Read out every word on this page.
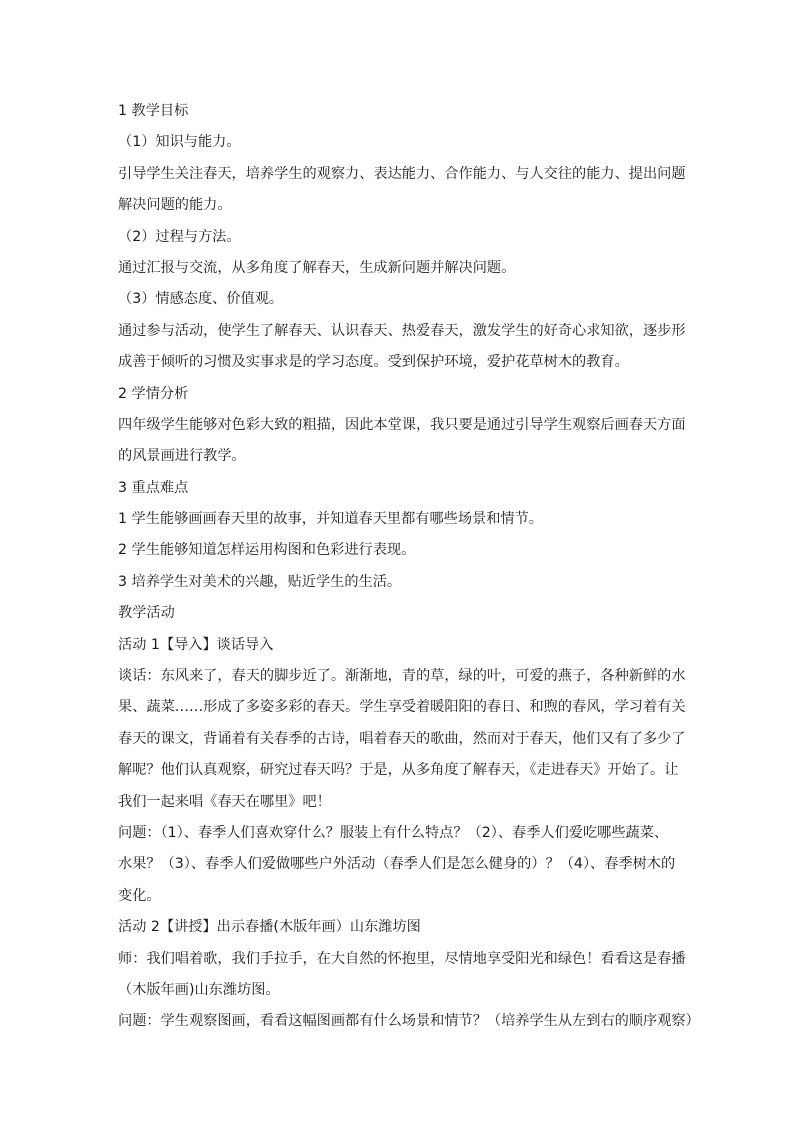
1 教学目标
（1）知识与能力。
引导学生关注春天，培养学生的观察力、表达能力、合作能力、与人交往的能力、提出问题
解决问题的能力。
（2）过程与方法。
通过汇报与交流，从多角度了解春天，生成新问题并解决问题。
（3）情感态度、价值观。
通过参与活动，使学生了解春天、认识春天、热爱春天，激发学生的好奇心求知欲，逐步形
成善于倾听的习惯及实事求是的学习态度。受到保护环境，爱护花草树木的教育。
2 学情分析
四年级学生能够对色彩大致的粗描，因此本堂课，我只要是通过引导学生观察后画春天方面
的风景画进行教学。
3 重点难点
1 学生能够画画春天里的故事，并知道春天里都有哪些场景和情节。
2 学生能够知道怎样运用构图和色彩进行表现。
3 培养学生对美术的兴趣，贴近学生的生活。
教学活动
活动 1【导入】谈话导入
谈话：东风来了，春天的脚步近了。渐渐地，青的草，绿的叶，可爱的燕子，各种新鲜的水
果、蔬菜……形成了多姿多彩的春天。学生享受着暖阳阳的春日、和煦的春风，学习着有关
春天的课文，背诵着有关春季的古诗，唱着春天的歌曲，然而对于春天，他们又有了多少了
解呢？他们认真观察，研究过春天吗？于是，从多角度了解春天，《走进春天》开始了。让
我们一起来唱《春天在哪里》吧！
问题：（1）、春季人们喜欢穿什么？服装上有什么特点？（2）、春季人们爱吃哪些蔬菜、
水果？（3）、春季人们爱做哪些户外活动（春季人们是怎么健身的）？（4）、春季树木的
变化。
活动 2【讲授】出示春播(木版年画）山东潍坊图
师：我们唱着歌，我们手拉手，在大自然的怀抱里，尽情地享受阳光和绿色！看看这是春播
（木版年画)山东潍坊图。
问题：学生观察图画，看看这幅图画都有什么场景和情节？（培养学生从左到右的顺序观察）
